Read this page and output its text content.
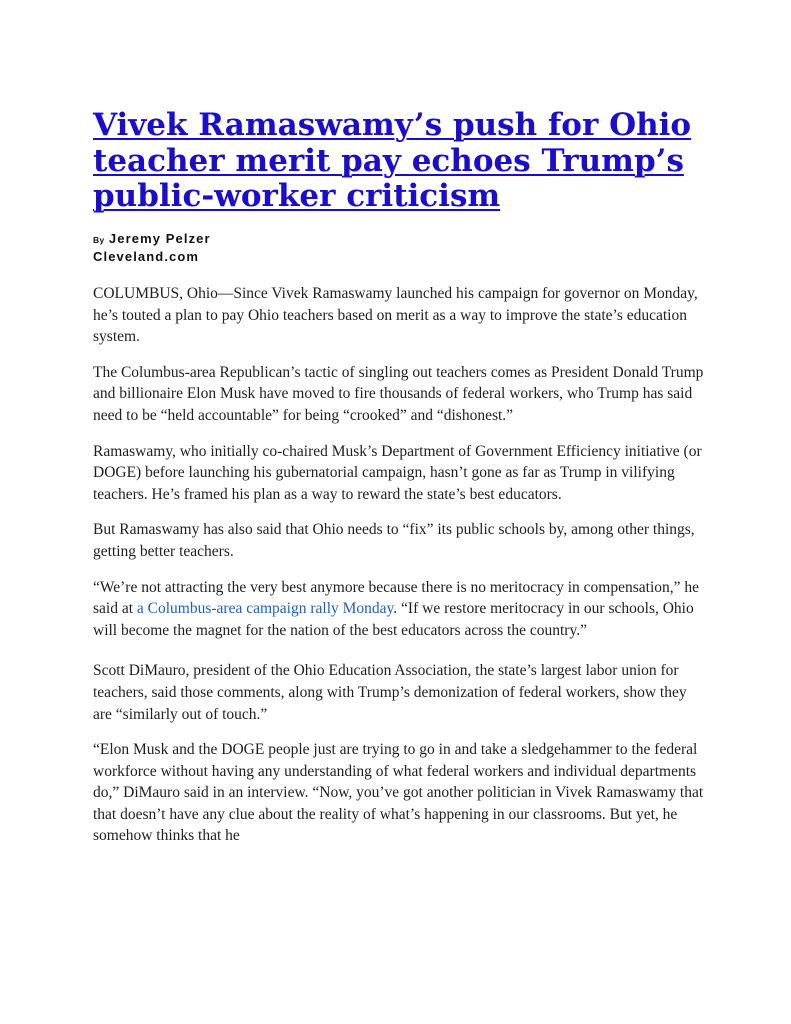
Vivek Ramaswamy’s push for Ohio teacher merit pay echoes Trump’s public-worker criticism
By Jeremy Pelzer
Cleveland.com

COLUMBUS, Ohio—Since Vivek Ramaswamy launched his campaign for governor on Monday, he’s touted a plan to pay Ohio teachers based on merit as a way to improve the state’s education system.

The Columbus-area Republican’s tactic of singling out teachers comes as President Donald Trump and billionaire Elon Musk have moved to fire thousands of federal workers, who Trump has said need to be “held accountable” for being “crooked” and “dishonest.”

Ramaswamy, who initially co-chaired Musk’s Department of Government Efficiency initiative (or DOGE) before launching his gubernatorial campaign, hasn’t gone as far as Trump in vilifying teachers. He’s framed his plan as a way to reward the state’s best educators.

But Ramaswamy has also said that Ohio needs to “fix” its public schools by, among other things, getting better teachers.

“We’re not attracting the very best anymore because there is no meritocracy in compensation,” he said at a Columbus-area campaign rally Monday. “If we restore meritocracy in our schools, Ohio will become the magnet for the nation of the best educators across the country.”

Scott DiMauro, president of the Ohio Education Association, the state’s largest labor union for teachers, said those comments, along with Trump’s demonization of federal workers, show they are “similarly out of touch.”

“Elon Musk and the DOGE people just are trying to go in and take a sledgehammer to the federal workforce without having any understanding of what federal workers and individual departments do,” DiMauro said in an interview. “Now, you’ve got another politician in Vivek Ramaswamy that that doesn’t have any clue about the reality of what’s happening in our classrooms. But yet, he somehow thinks that he
